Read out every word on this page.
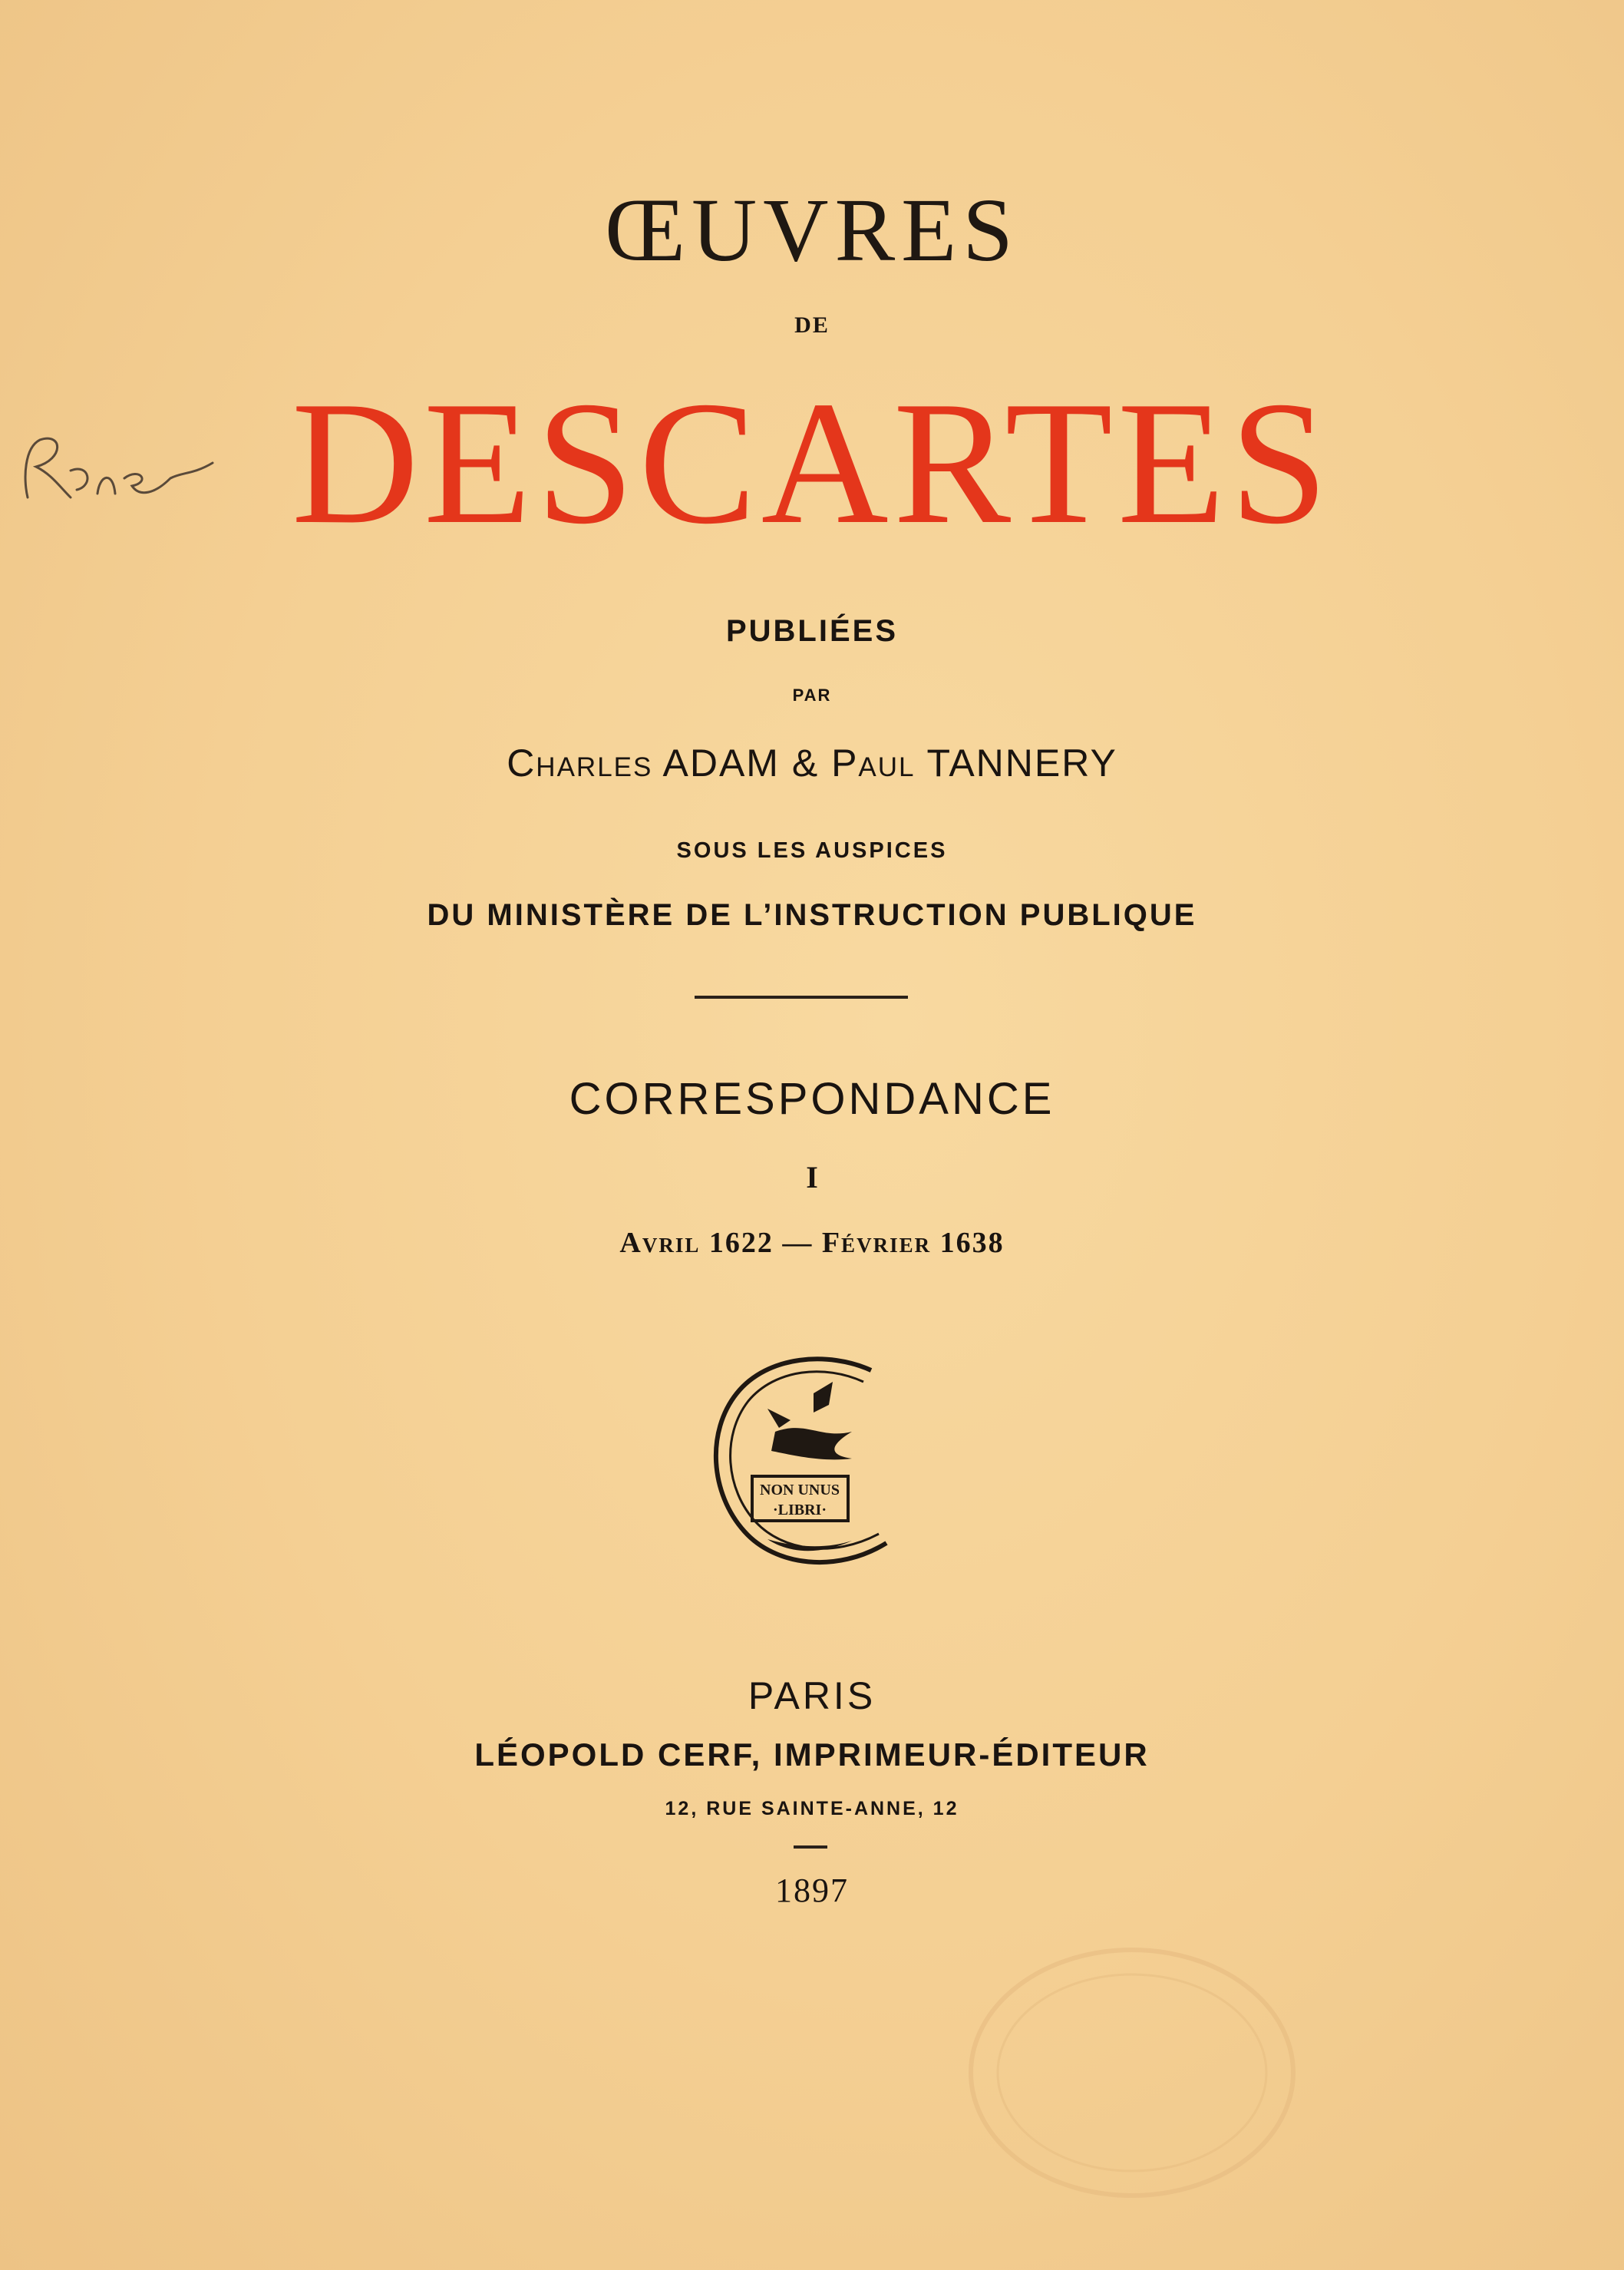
ŒUVRES
DE
DESCARTES
PUBLIÉES
PAR
Charles ADAM & Paul TANNERY
SOUS LES AUSPICES
DU MINISTÈRE DE L’INSTRUCTION PUBLIQUE
CORRESPONDANCE
I
Avril 1622 — Février 1638
NON UNUS
·LIBRI·
PARIS
LÉOPOLD CERF, IMPRIMEUR-ÉDITEUR
12, RUE SAINTE-ANNE, 12
1897
